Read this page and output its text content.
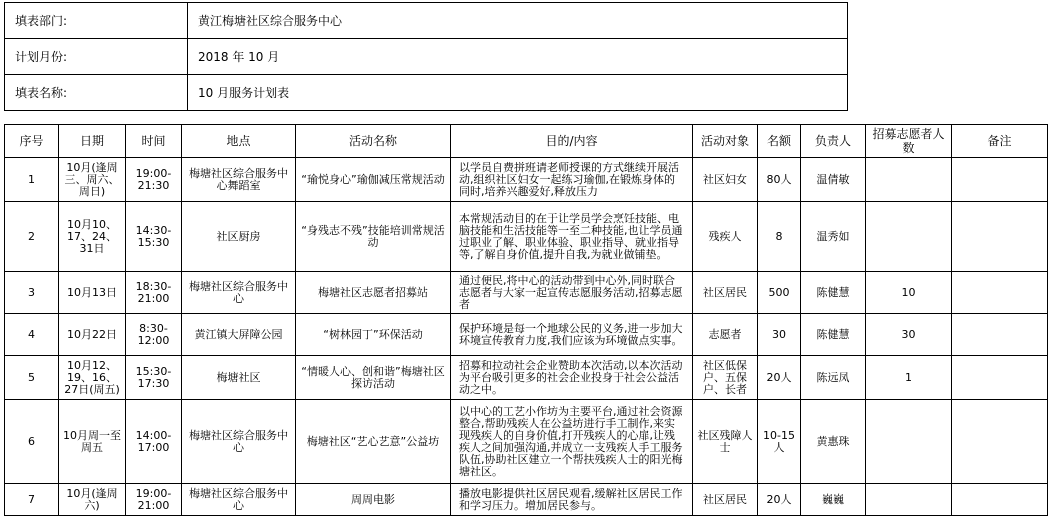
填表部门:	黄江梅塘社区综合服务中心
计划月份:	2018 年 10 月
填表名称:	10 月服务计划表
序号	日期	时间	地点	活动名称	目的/内容	活动对象	名额	负责人	招募志愿者人数	备注
1	10月(逢周三、周六、周日)	19:00-21:30	梅塘社区综合服务中心舞蹈室	“瑜悦身心”瑜伽减压常规活动	以学员自费拼班请老师授课的方式继续开展活动,组织社区妇女一起练习瑜伽,在锻炼身体的同时,培养兴趣爱好,释放压力	社区妇女	80人	温倩敏		
2	10月10、17、24、31日	14:30-15:30	社区厨房	“身残志不残”技能培训常规活动	本常规活动目的在于让学员学会烹饪技能、电脑技能和生活技能等一至二种技能,也让学员通过职业了解、职业体验、职业指导、就业指导等,了解自身价值,提升自我,为就业做铺垫。	残疾人	8	温秀如		
3	10月13日	18:30-21:00	梅塘社区综合服务中心	梅塘社区志愿者招募站	通过便民,将中心的活动带到中心外,同时联合志愿者与大家一起宣传志愿服务活动,招募志愿者	社区居民	500	陈健慧	10	
4	10月22日	8:30-12:00	黄江镇大屏障公园	“树林园丁”环保活动	保护环境是每一个地球公民的义务,进一步加大环境宣传教育力度,我们应该为环境做点实事。	志愿者	30	陈健慧	30	
5	10月12、19、16、27日(周五)	15:30-17:30	梅塘社区	“情暖人心、创和谐”梅塘社区探访活动	招募和拉动社会企业赞助本次活动,以本次活动为平台吸引更多的社会企业投身于社会公益活动之中。	社区低保户、五保户、长者	20人	陈远凤	1	
6	10月周一至周五	14:00-17:00	梅塘社区综合服务中心	梅塘社区“艺心艺意”公益坊	以中心的工艺小作坊为主要平台,通过社会资源整合,帮助残疾人在公益坊进行手工制作,来实现残疾人的自身价值,打开残疾人的心扉,让残疾人之间加强沟通,并成立一支残疾人手工服务队伍,协助社区建立一个帮扶残疾人士的阳光梅塘社区。	社区残障人士	10-15人	黄惠珠		
7	10月(逢周六)	19:00-21:00	梅塘社区综合服务中心	周周电影	播放电影提供社区居民观看,缓解社区居民工作和学习压力。增加居民参与。	社区居民	20人	巍巍		
